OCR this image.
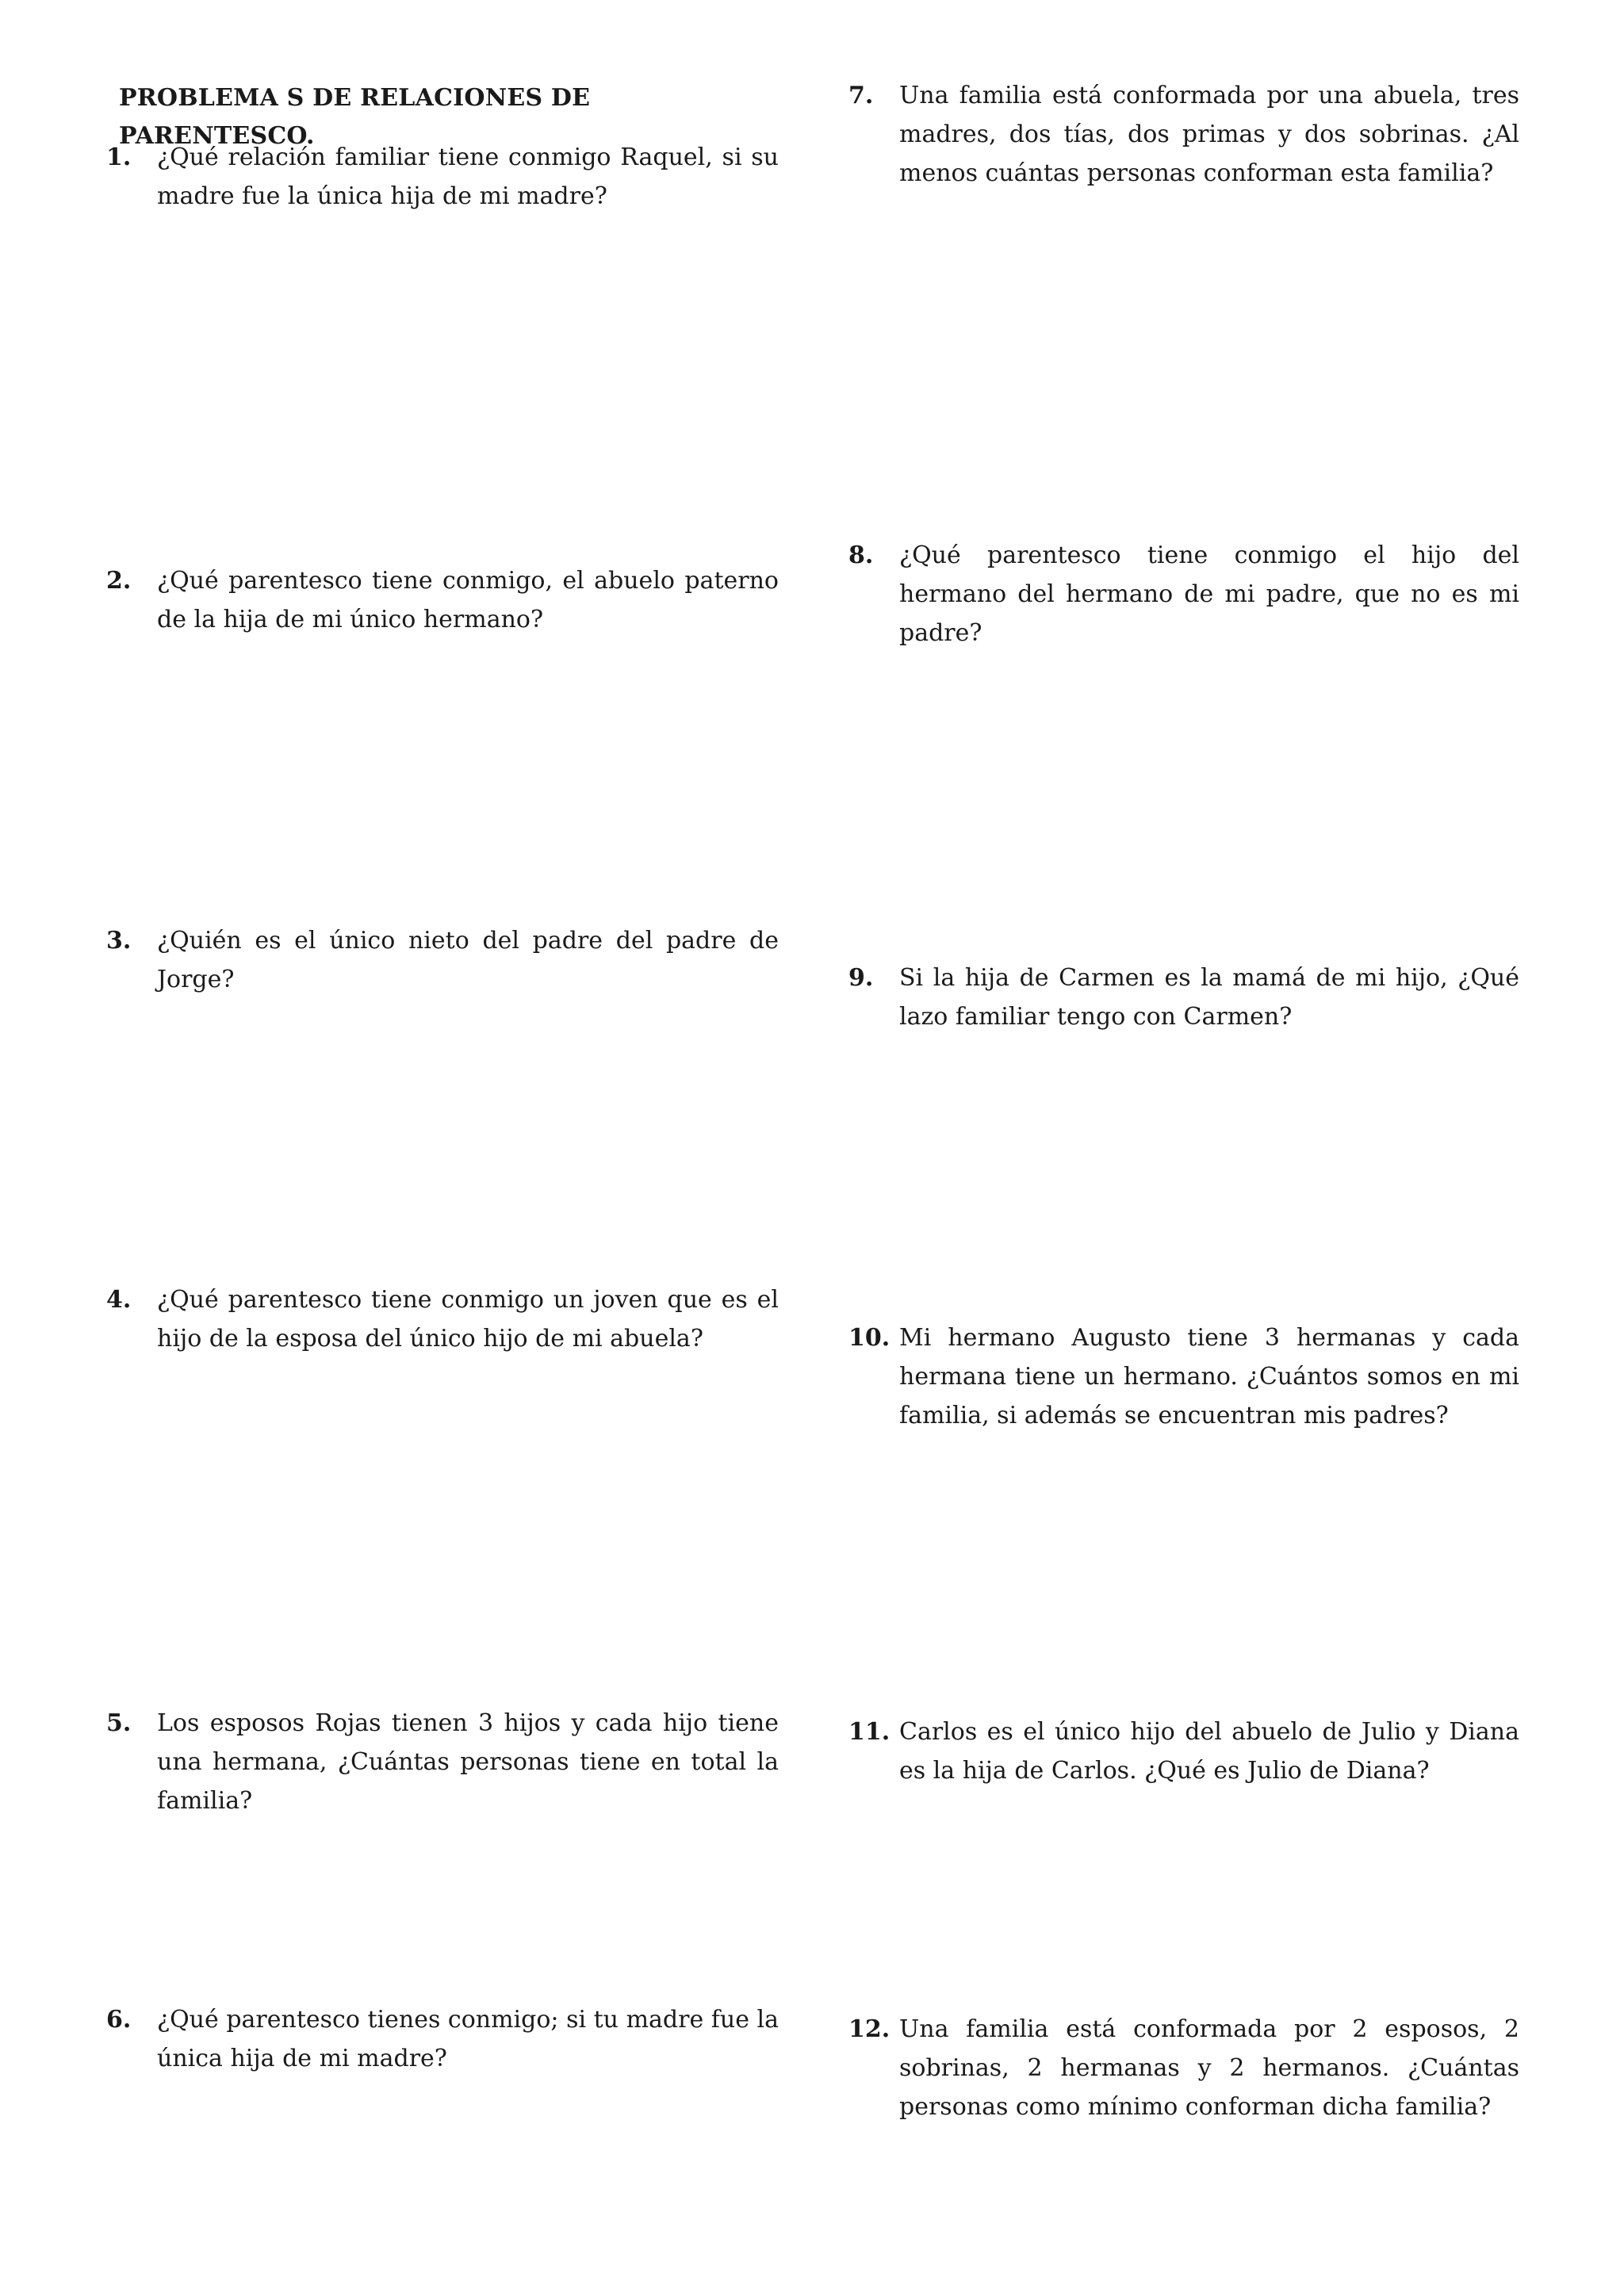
PROBLEMA S DE RELACIONES DE PARENTESCO.
1. ¿Qué relación familiar tiene conmigo Raquel, si su madre fue la única hija de mi madre?
2. ¿Qué parentesco tiene conmigo, el abuelo paterno de la hija de mi único hermano?
3. ¿Quién es el único nieto del padre del padre de Jorge?
4. ¿Qué parentesco tiene conmigo un joven que es el hijo de la esposa del único hijo de mi abuela?
5. Los esposos Rojas tienen 3 hijos y cada hijo tiene una hermana, ¿Cuántas personas tiene en total la familia?
6. ¿Qué parentesco tienes conmigo; si tu madre fue la única hija de mi madre?
7. Una familia está conformada por una abuela, tres madres, dos tías, dos primas y dos sobrinas. ¿Al menos cuántas personas conforman esta familia?
8. ¿Qué parentesco tiene conmigo el hijo del hermano del hermano de mi padre, que no es mi padre?
9. Si la hija de Carmen es la mamá de mi hijo, ¿Qué lazo familiar tengo con Carmen?
10. Mi hermano Augusto tiene 3 hermanas y cada hermana tiene un hermano. ¿Cuántos somos en mi familia, si además se encuentran mis padres?
11. Carlos es el único hijo del abuelo de Julio y Diana es la hija de Carlos. ¿Qué es Julio de Diana?
12. Una familia está conformada por 2 esposos, 2 sobrinas, 2 hermanas y 2 hermanos. ¿Cuántas personas como mínimo conforman dicha familia?
